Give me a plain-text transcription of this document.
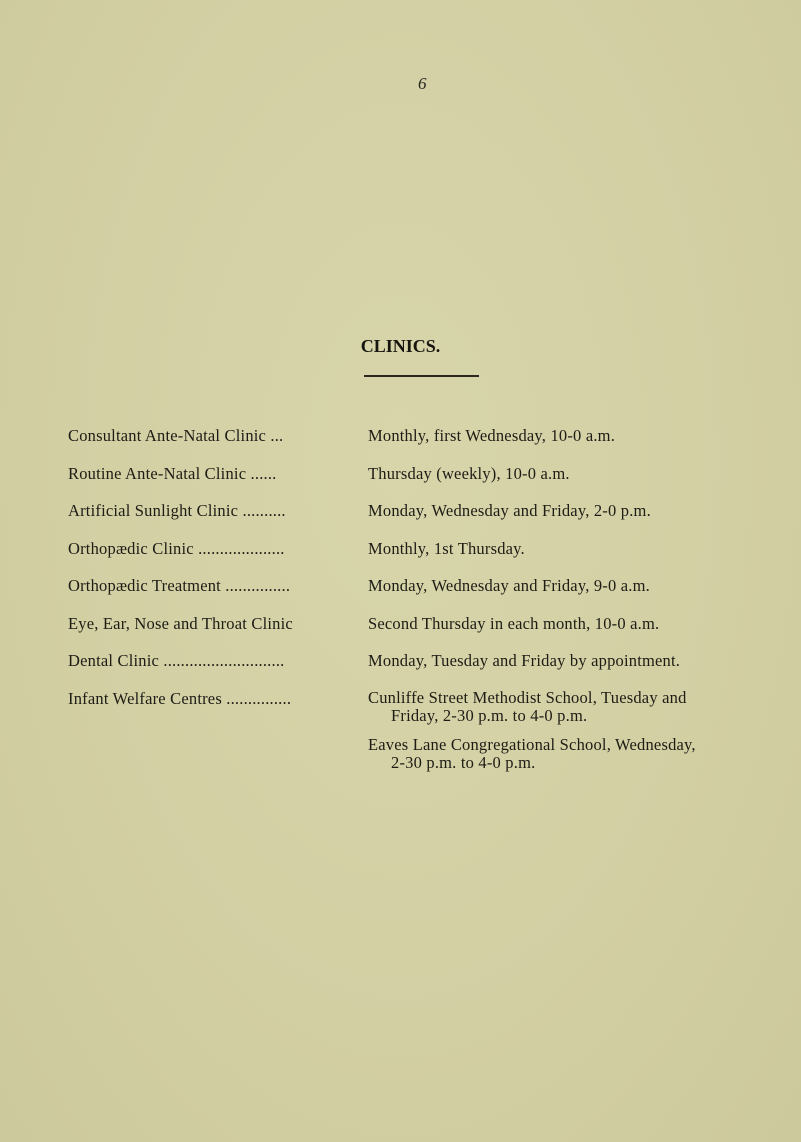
6
CLINICS.
Consultant Ante-Natal Clinic ...	Monthly, first Wednesday, 10-0 a.m.
Routine Ante-Natal Clinic ......	Thursday (weekly), 10-0 a.m.
Artificial Sunlight Clinic ..........	Monday, Wednesday and Friday, 2-0 p.m.
Orthopædic Clinic ....................	Monthly, 1st Thursday.
Orthopædic Treatment ...............	Monday, Wednesday and Friday, 9-0 a.m.
Eye, Ear, Nose and Throat Clinic	Second Thursday in each month, 10-0 a.m.
Dental Clinic ............................	Monday, Tuesday and Friday by appointment.
Infant Welfare Centres ...............	Cunliffe Street Methodist School, Tuesday and
Friday, 2-30 p.m. to 4-0 p.m.
Eaves Lane Congregational School, Wednesday,
2-30 p.m. to 4-0 p.m.
